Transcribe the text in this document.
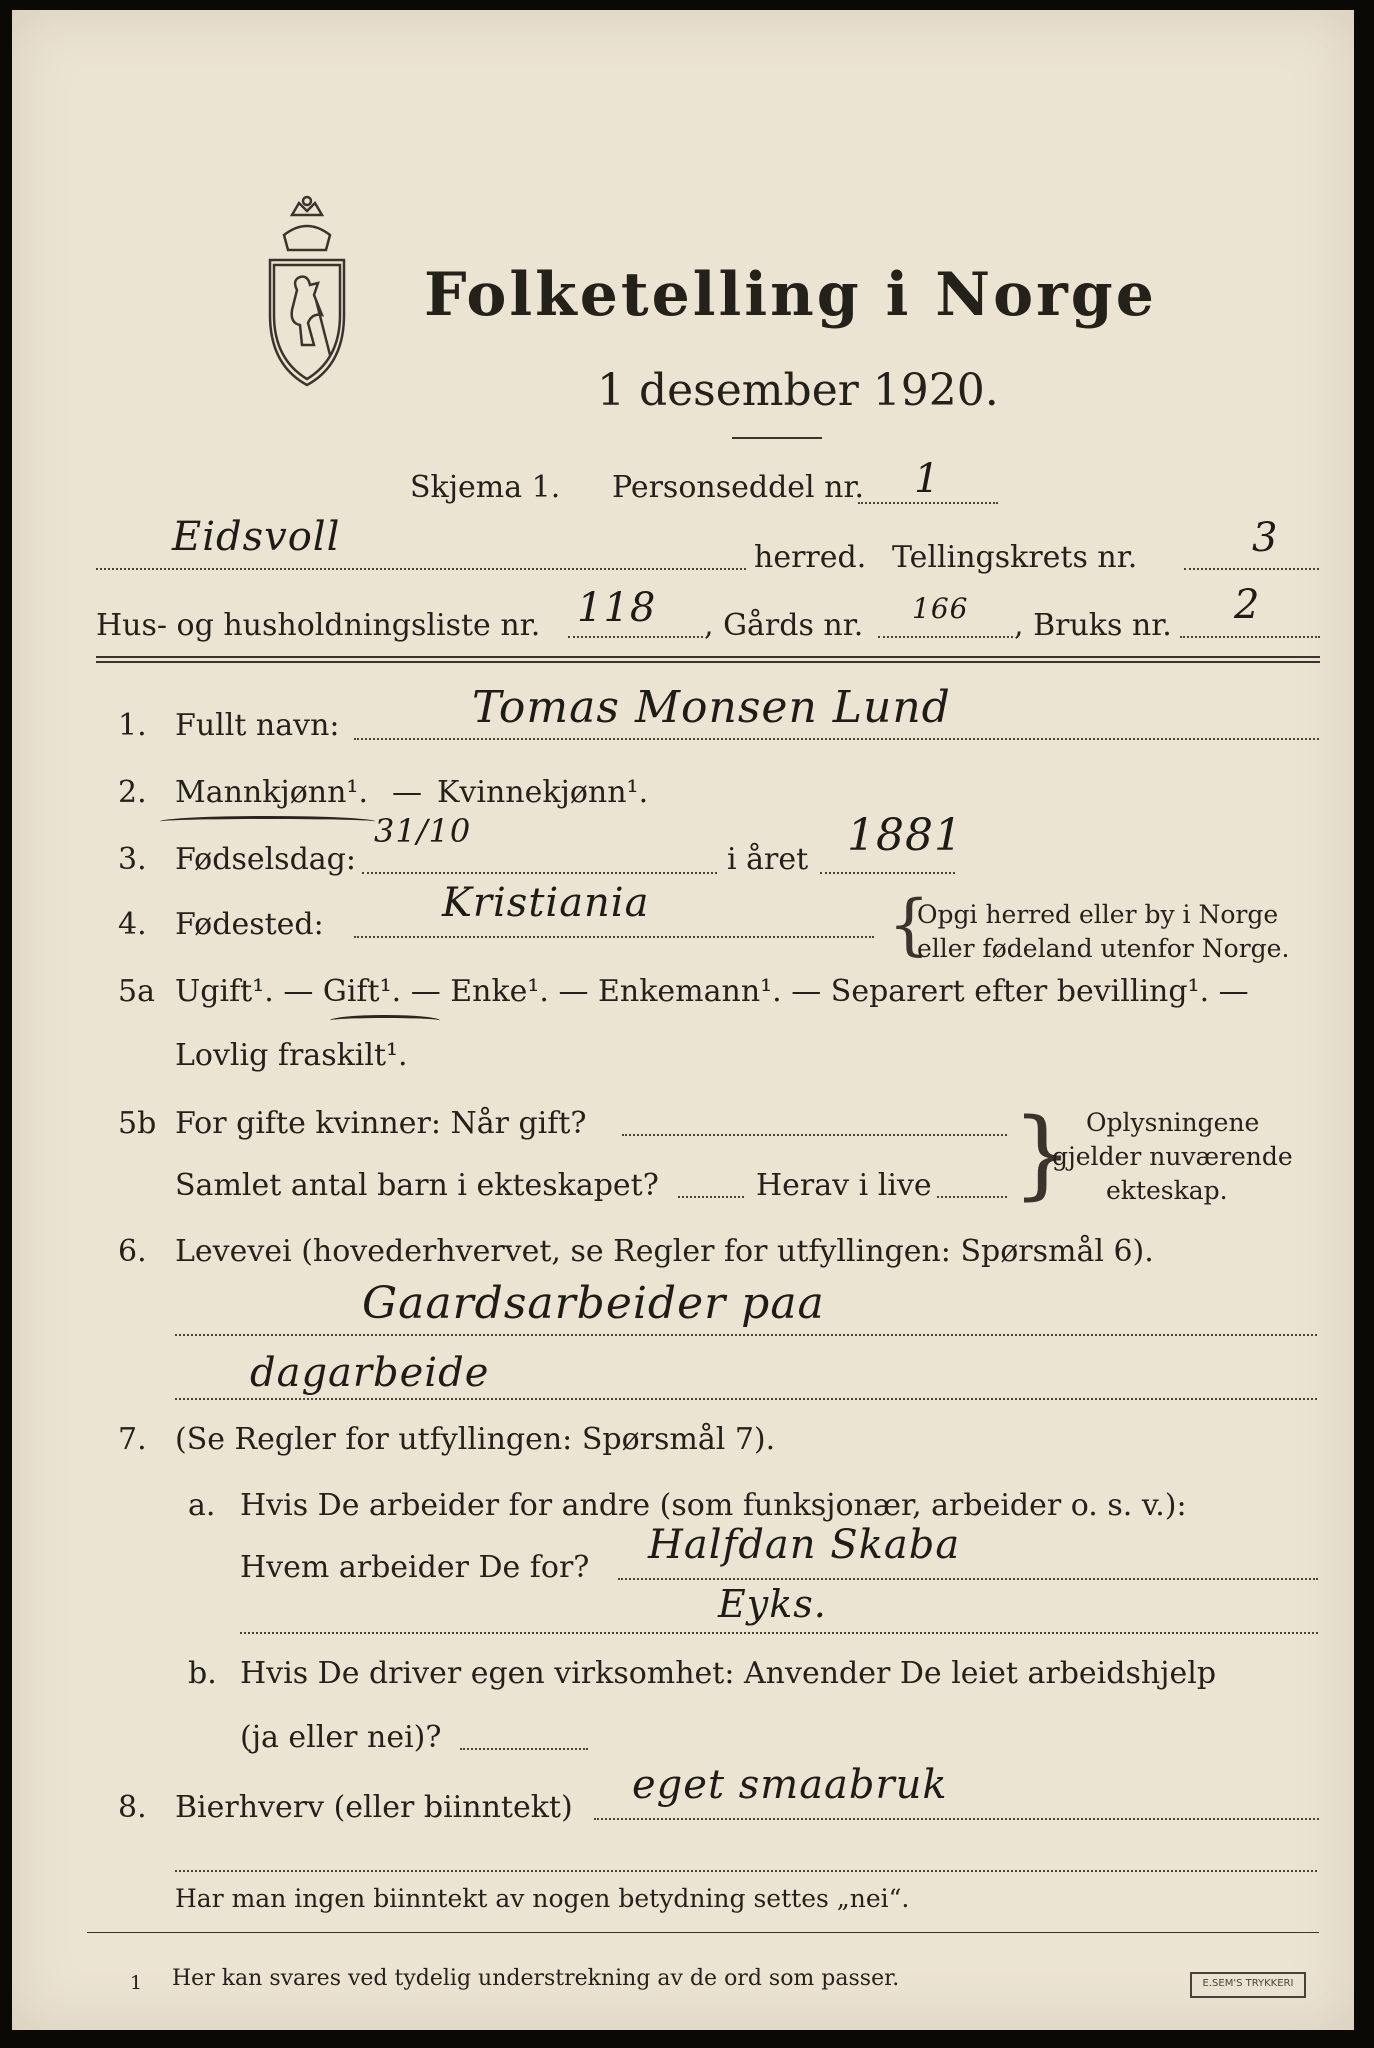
Folketelling i Norge
1 desember 1920.
Skjema 1. Personseddel nr. 1
Eidsvoll	herred. Tellingskrets nr.	3
Hus- og husholdningsliste nr. 118 , Gårds nr. 166 , Bruks nr. 2
1. Fullt navn:	Tomas Monsen Lund
2. Mannkjønn¹. — Kvinnekjønn¹.
3. Fødselsdag:
31/10
i året 1881
4. Fødested:	Kristiania	{
Opgi herred eller by i Norge
eller fødeland utenfor Norge.
5a Ugift¹. — Gift¹. — Enke¹. — Enkemann¹. — Separert efter bevilling¹. —
Lovlig fraskilt¹.
5b For gifte kvinner: Når gift?
Samlet antal barn i ekteskapet?	Herav i live } Oplysningene
gjelder nuværende
ekteskap.
6. Levevei (hovederhvervet, se Regler for utfyllingen: Spørsmål 6).
Gaardsarbeider paa
dagarbeide
7. (Se Regler for utfyllingen: Spørsmål 7).
a. Hvis De arbeider for andre (som funksjonær, arbeider o. s. v.):
Hvem arbeider De for? Halfdan Skaba
Eyks.
b. Hvis De driver egen virksomhet: Anvender De leiet arbeidshjelp
(ja eller nei)?
8. Bierhverv (eller biinntekt) eget smaabruk
Har man ingen biinntekt av nogen betydning settes „nei“.
1 Her kan svares ved tydelig understrekning av de ord som passer.	E.SEM'S TRYKKERI
